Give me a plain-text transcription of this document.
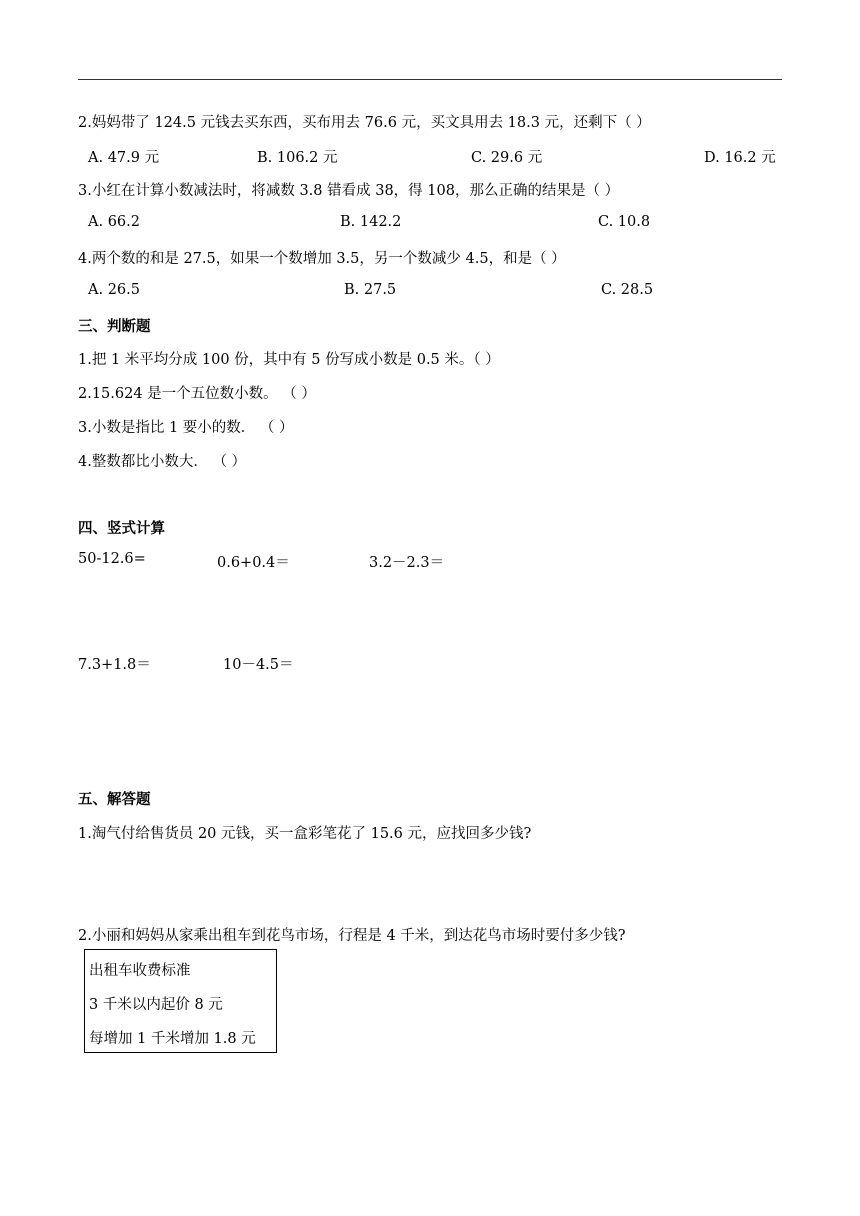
2.妈妈带了 124.5 元钱去买东西，买布用去 76.6 元，买文具用去 18.3 元，还剩下（ ）
A. 47.9 元	B. 106.2 元	C. 29.6 元	D. 16.2 元
3.小红在计算小数减法时，将减数 3.8 错看成 38，得 108，那么正确的结果是（ ）
A. 66.2	B. 142.2	C. 10.8
4.两个数的和是 27.5，如果一个数增加 3.5，另一个数减少 4.5，和是（ ）
A. 26.5	B. 27.5	C. 28.5
三、判断题
1.把 1 米平均分成 100 份，其中有 5 份写成小数是 0.5 米。（ ）
2.15.624 是一个五位数小数。 （ ）
3.小数是指比 1 要小的数． （ ）
4.整数都比小数大． （ ）
四、竖式计算
50-12.6=	0.6+0.4＝	3.2－2.3＝
7.3+1.8＝	10－4.5＝
五、解答题
1.淘气付给售货员 20 元钱，买一盒彩笔花了 15.6 元，应找回多少钱?
2.小丽和妈妈从家乘出租车到花鸟市场，行程是 4 千米，到达花鸟市场时要付多少钱?
出租车收费标准
3 千米以内起价 8 元
每增加 1 千米增加 1.8 元
